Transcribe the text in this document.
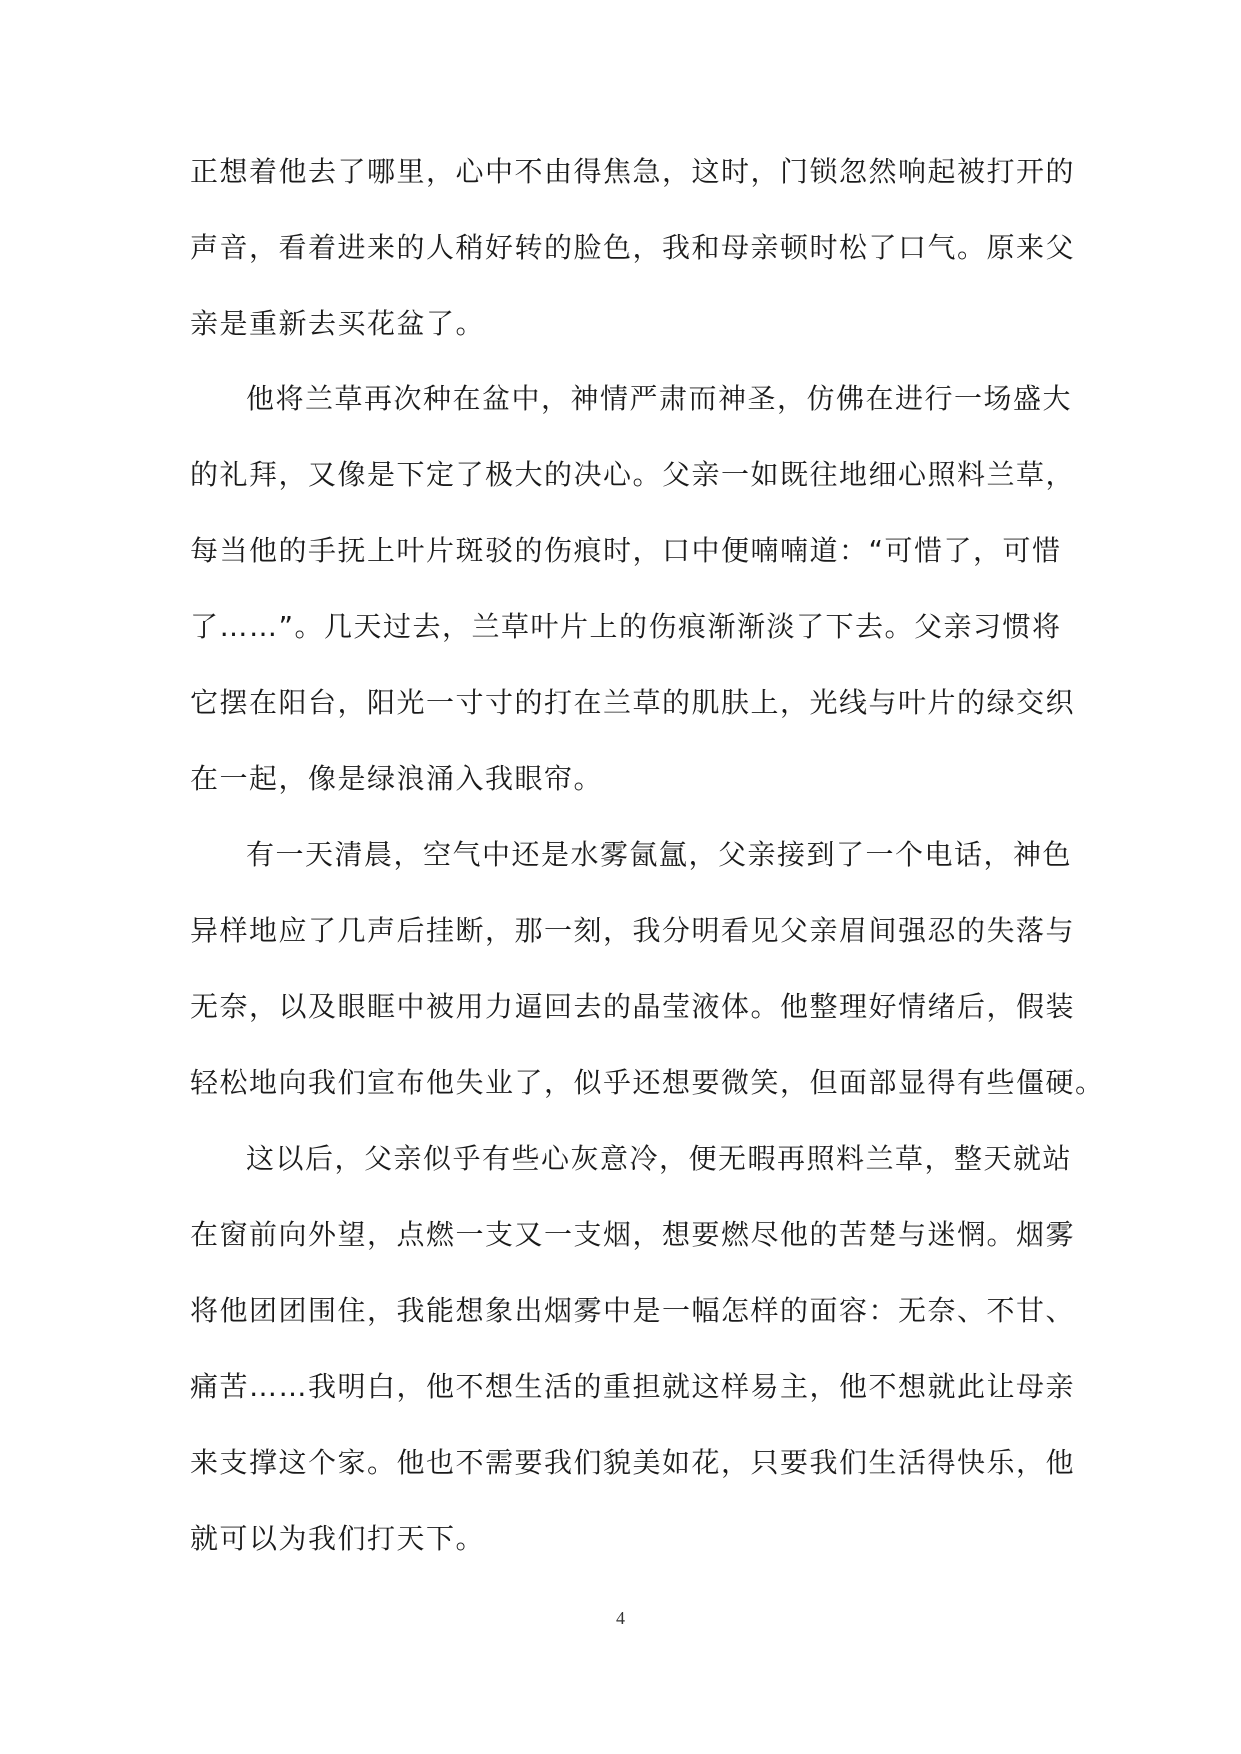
正想着他去了哪里，心中不由得焦急，这时，门锁忽然响起被打开的
声音，看着进来的人稍好转的脸色，我和母亲顿时松了口气。原来父
亲是重新去买花盆了。
他将兰草再次种在盆中，神情严肃而神圣，仿佛在进行一场盛大
的礼拜，又像是下定了极大的决心。父亲一如既往地细心照料兰草，
每当他的手抚上叶片斑驳的伤痕时，口中便喃喃道：“可惜了，可惜
了……”。几天过去，兰草叶片上的伤痕渐渐淡了下去。父亲习惯将
它摆在阳台，阳光一寸寸的打在兰草的肌肤上，光线与叶片的绿交织
在一起，像是绿浪涌入我眼帘。
有一天清晨，空气中还是水雾氤氲，父亲接到了一个电话，神色
异样地应了几声后挂断，那一刻，我分明看见父亲眉间强忍的失落与
无奈，以及眼眶中被用力逼回去的晶莹液体。他整理好情绪后，假装
轻松地向我们宣布他失业了，似乎还想要微笑，但面部显得有些僵硬。
这以后，父亲似乎有些心灰意冷，便无暇再照料兰草，整天就站
在窗前向外望，点燃一支又一支烟，想要燃尽他的苦楚与迷惘。烟雾
将他团团围住，我能想象出烟雾中是一幅怎样的面容：无奈、不甘、
痛苦……我明白，他不想生活的重担就这样易主，他不想就此让母亲
来支撑这个家。他也不需要我们貌美如花，只要我们生活得快乐，他
就可以为我们打天下。
4
